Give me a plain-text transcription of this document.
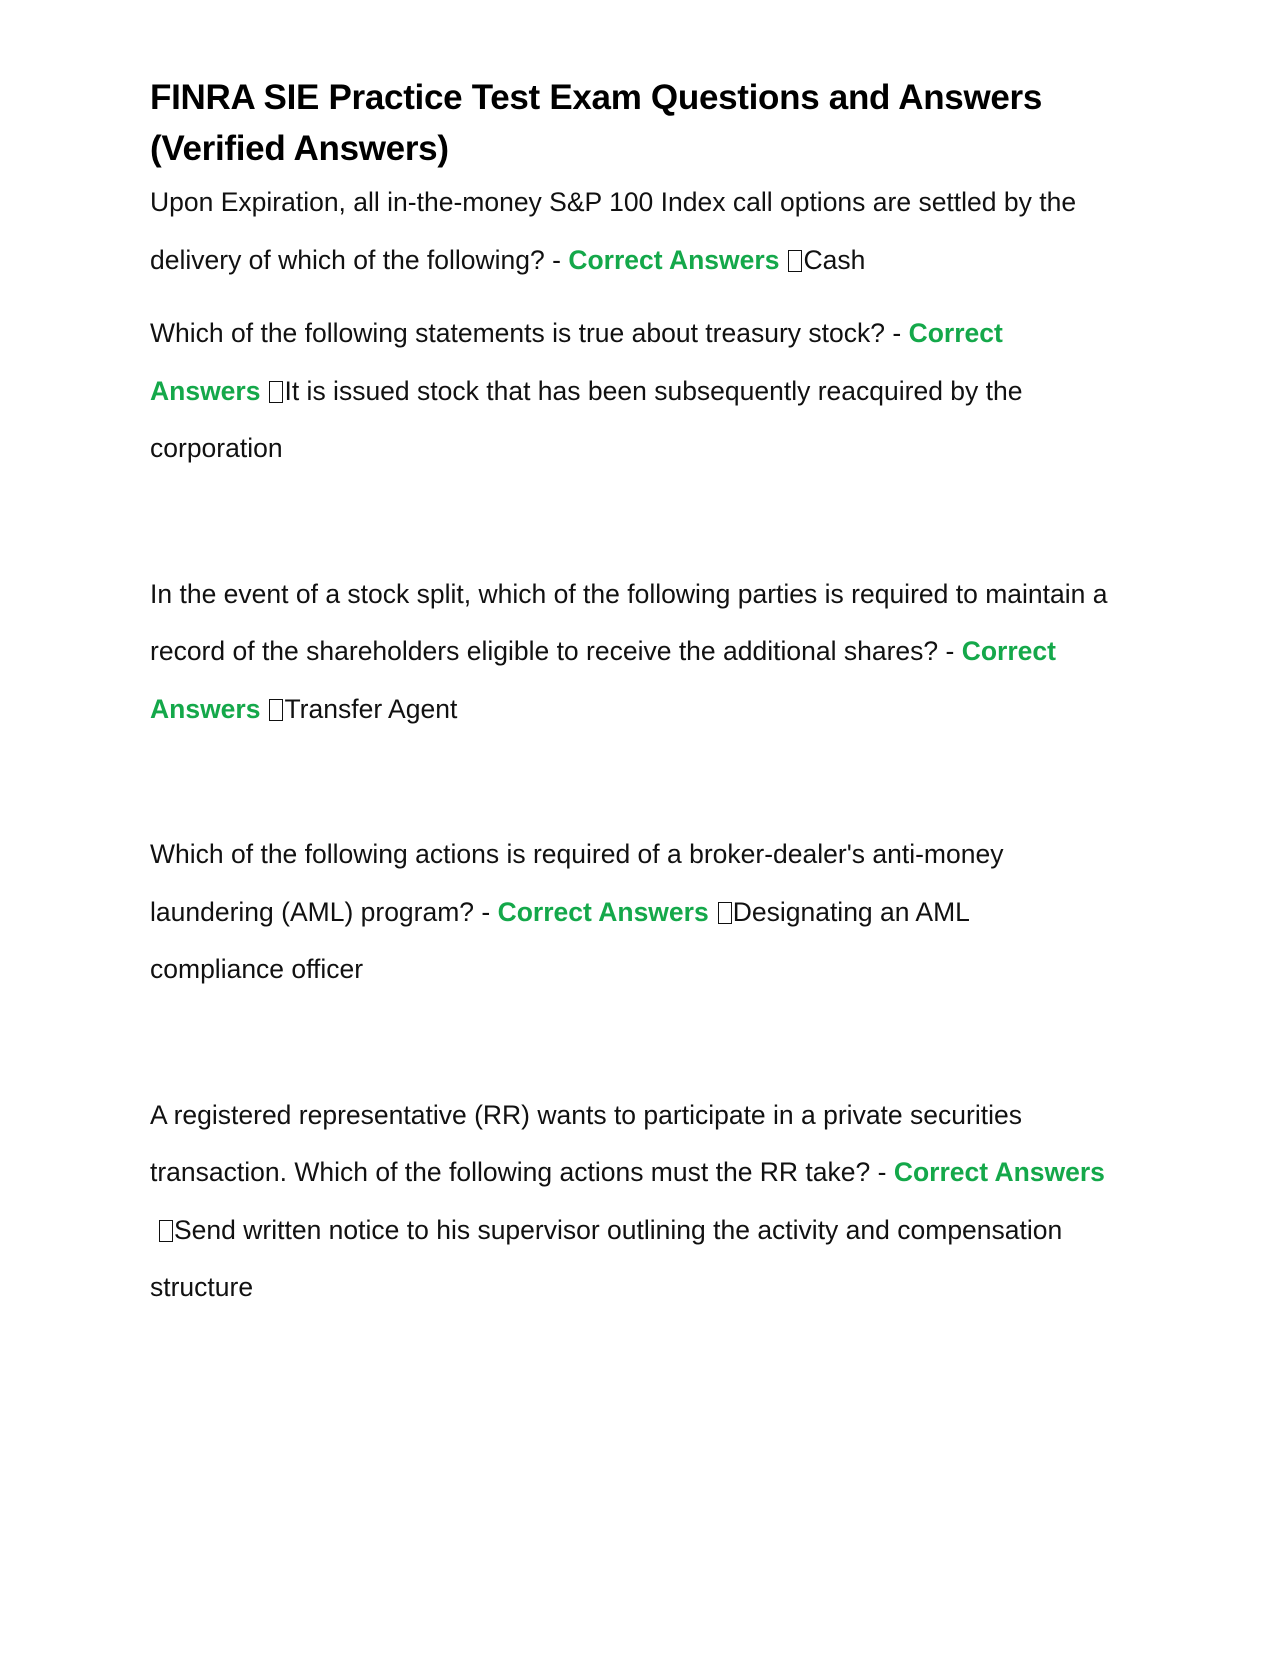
FINRA SIE Practice Test Exam Questions and Answers (Verified Answers)

Upon Expiration, all in-the-money S&P 100 Index call options are settled by the delivery of which of the following? - Correct Answers Cash

Which of the following statements is true about treasury stock? - Correct Answers It is issued stock that has been subsequently reacquired by the corporation

In the event of a stock split, which of the following parties is required to maintain a record of the shareholders eligible to receive the additional shares? - Correct Answers Transfer Agent

Which of the following actions is required of a broker-dealer's anti-money laundering (AML) program? - Correct Answers Designating an AML compliance officer

A registered representative (RR) wants to participate in a private securities transaction. Which of the following actions must the RR take? - Correct AnswersSend written notice to his supervisor outlining the activity and compensation structure
